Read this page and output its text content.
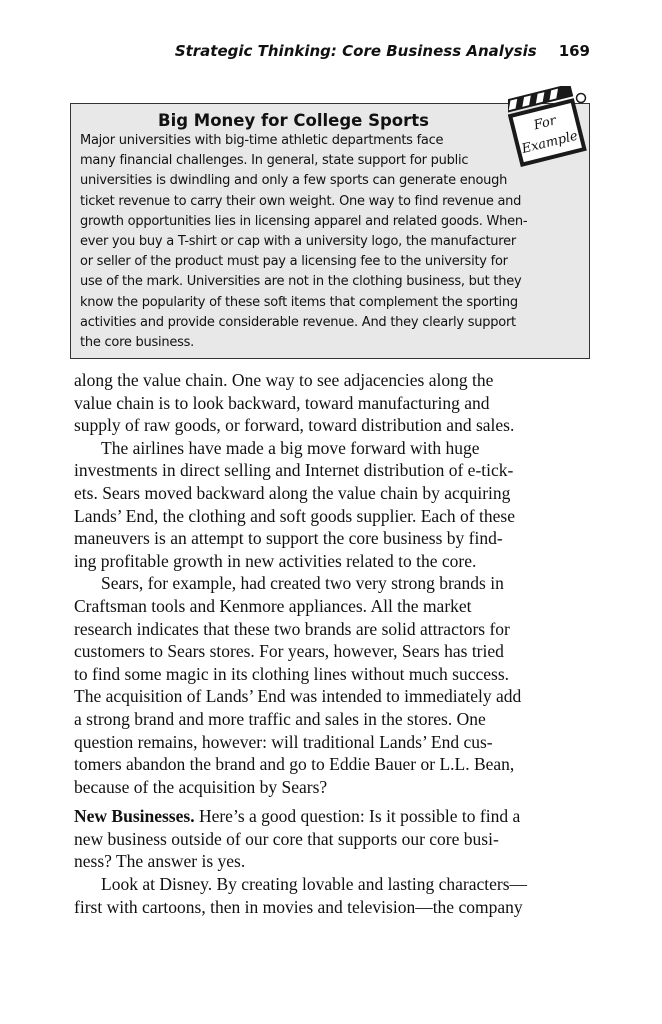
Strategic Thinking: Core Business Analysis 169
Big Money for College Sports

Major universities with big-time athletic departments face
many financial challenges. In general, state support for public
universities is dwindling and only a few sports can generate enough
ticket revenue to carry their own weight. One way to find revenue and
growth opportunities lies in licensing apparel and related goods. When-
ever you buy a T-shirt or cap with a university logo, the manufacturer
or seller of the product must pay a licensing fee to the university for
use of the mark. Universities are not in the clothing business, but they
know the popularity of these soft items that complement the sporting
activities and provide considerable revenue. And they clearly support
the core business.

For
Example

along the value chain. One way to see adjacencies along the
value chain is to look backward, toward manufacturing and
supply of raw goods, or forward, toward distribution and sales.

The airlines have made a big move forward with huge
investments in direct selling and Internet distribution of e-tick-
ets. Sears moved backward along the value chain by acquiring
Lands’ End, the clothing and soft goods supplier. Each of these
maneuvers is an attempt to support the core business by find-
ing profitable growth in new activities related to the core.

Sears, for example, had created two very strong brands in
Craftsman tools and Kenmore appliances. All the market
research indicates that these two brands are solid attractors for
customers to Sears stores. For years, however, Sears has tried
to find some magic in its clothing lines without much success.
The acquisition of Lands’ End was intended to immediately add
a strong brand and more traffic and sales in the stores. One
question remains, however: will traditional Lands’ End cus-
tomers abandon the brand and go to Eddie Bauer or L.L. Bean,
because of the acquisition by Sears?

New Businesses. Here’s a good question: Is it possible to find a
new business outside of our core that supports our core busi-
ness? The answer is yes.

Look at Disney. By creating lovable and lasting characters—
first with cartoons, then in movies and television—the company
